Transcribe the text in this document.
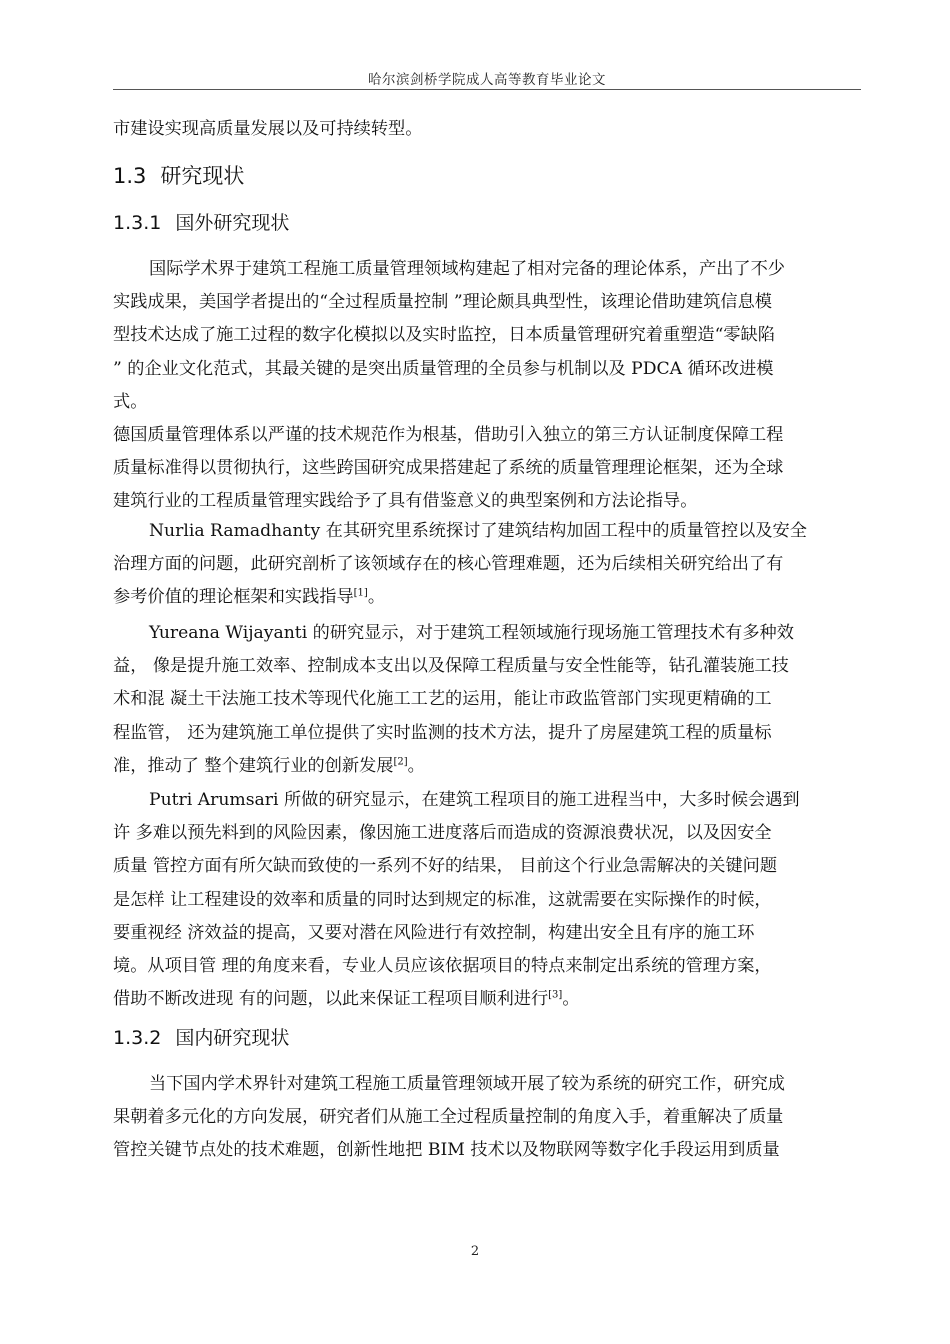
哈尔滨剑桥学院成人高等教育毕业论文
市建设实现高质量发展以及可持续转型。
1.3 研究现状
1.3.1 国外研究现状
国际学术界于建筑工程施工质量管理领域构建起了相对完备的理论体系，产出了不少
实践成果，美国学者提出的“全过程质量控制 ”理论颇具典型性，该理论借助建筑信息模
型技术达成了施工过程的数字化模拟以及实时监控，日本质量管理研究着重塑造“零缺陷
” 的企业文化范式，其最关键的是突出质量管理的全员参与机制以及 PDCA 循环改进模
式。
德国质量管理体系以严谨的技术规范作为根基，借助引入独立的第三方认证制度保障工程
质量标准得以贯彻执行，这些跨国研究成果搭建起了系统的质量管理理论框架，还为全球
建筑行业的工程质量管理实践给予了具有借鉴意义的典型案例和方法论指导。
Nurlia Ramadhanty 在其研究里系统探讨了建筑结构加固工程中的质量管控以及安全
治理方面的问题，此研究剖析了该领域存在的核心管理难题，还为后续相关研究给出了有
参考价值的理论框架和实践指导[1]。
Yureana Wijayanti 的研究显示，对于建筑工程领域施行现场施工管理技术有多种效
益， 像是提升施工效率、控制成本支出以及保障工程质量与安全性能等，钻孔灌装施工技
术和混 凝土干法施工技术等现代化施工工艺的运用，能让市政监管部门实现更精确的工
程监管， 还为建筑施工单位提供了实时监测的技术方法，提升了房屋建筑工程的质量标
准，推动了 整个建筑行业的创新发展[2]。
Putri Arumsari 所做的研究显示，在建筑工程项目的施工进程当中，大多时候会遇到
许 多难以预先料到的风险因素，像因施工进度落后而造成的资源浪费状况，以及因安全
质量 管控方面有所欠缺而致使的一系列不好的结果， 目前这个行业急需解决的关键问题
是怎样 让工程建设的效率和质量的同时达到规定的标准，这就需要在实际操作的时候，
要重视经 济效益的提高，又要对潜在风险进行有效控制，构建出安全且有序的施工环
境。从项目管 理的角度来看，专业人员应该依据项目的特点来制定出系统的管理方案，
借助不断改进现 有的问题，以此来保证工程项目顺利进行[3]。
1.3.2 国内研究现状
当下国内学术界针对建筑工程施工质量管理领域开展了较为系统的研究工作，研究成
果朝着多元化的方向发展，研究者们从施工全过程质量控制的角度入手，着重解决了质量
管控关键节点处的技术难题，创新性地把 BIM 技术以及物联网等数字化手段运用到质量
2
